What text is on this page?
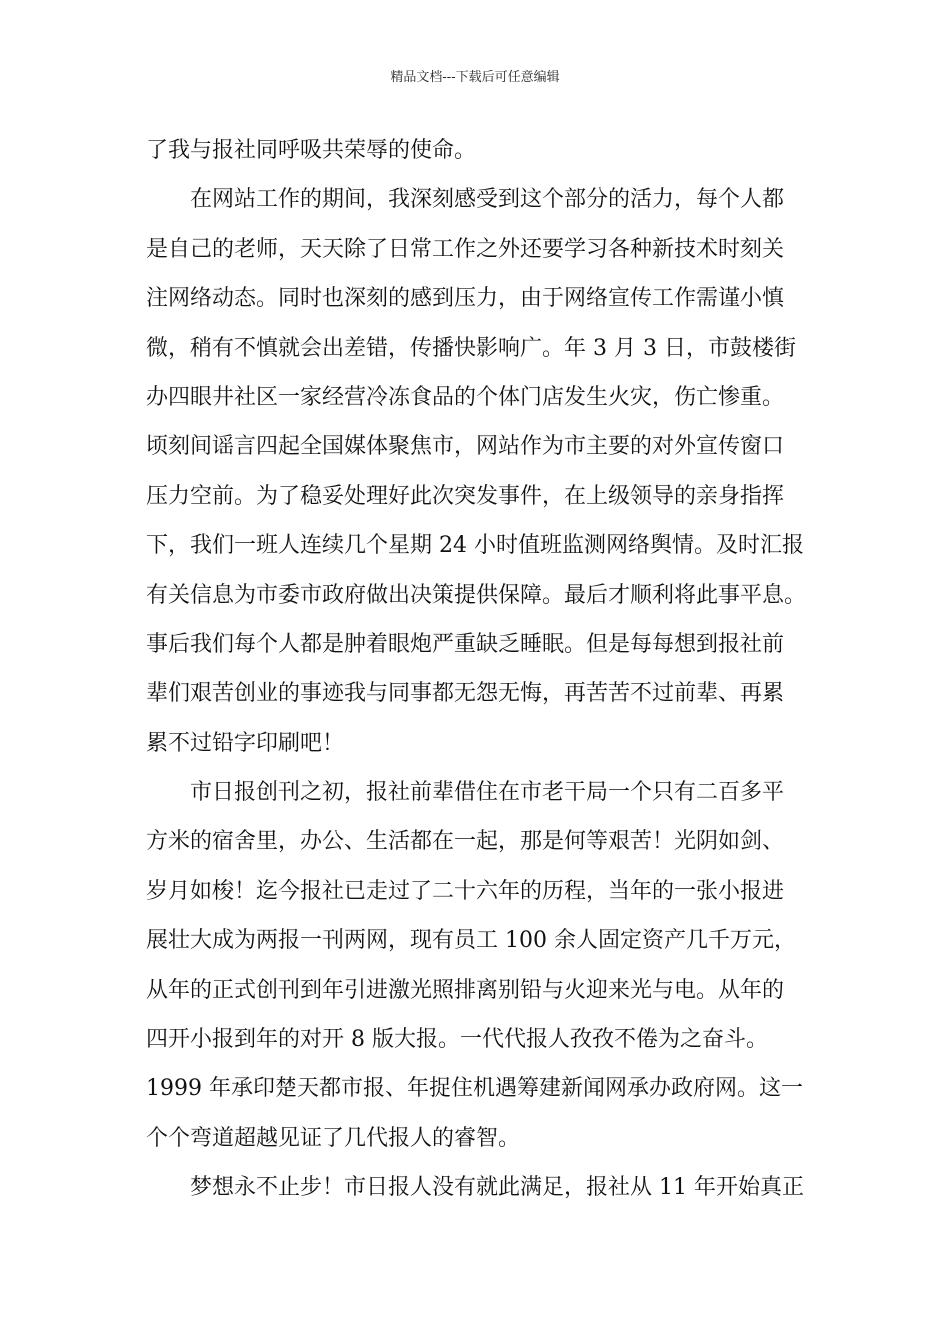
精品文档---下载后可任意编辑
了我与报社同呼吸共荣辱的使命。
在网站工作的期间，我深刻感受到这个部分的活力，每个人都
是自己的老师，天天除了日常工作之外还要学习各种新技术时刻关
注网络动态。同时也深刻的感到压力，由于网络宣传工作需谨小慎
微，稍有不慎就会出差错，传播快影响广。年 3 月 3 日，市鼓楼街
办四眼井社区一家经营冷冻食品的个体门店发生火灾，伤亡惨重。
顷刻间谣言四起全国媒体聚焦市，网站作为市主要的对外宣传窗口
压力空前。为了稳妥处理好此次突发事件，在上级领导的亲身指挥
下，我们一班人连续几个星期 24 小时值班监测网络舆情。及时汇报
有关信息为市委市政府做出决策提供保障。最后才顺利将此事平息。
事后我们每个人都是肿着眼炮严重缺乏睡眠。但是每每想到报社前
辈们艰苦创业的事迹我与同事都无怨无悔，再苦苦不过前辈、再累
累不过铅字印刷吧！
市日报创刊之初，报社前辈借住在市老干局一个只有二百多平
方米的宿舍里，办公、生活都在一起，那是何等艰苦！光阴如剑、
岁月如梭！迄今报社已走过了二十六年的历程，当年的一张小报进
展壮大成为两报一刊两网，现有员工 100 余人固定资产几千万元，
从年的正式创刊到年引进激光照排离别铅与火迎来光与电。从年的
四开小报到年的对开 8 版大报。一代代报人孜孜不倦为之奋斗。
1999 年承印楚天都市报、年捉住机遇筹建新闻网承办政府网。这一
个个弯道超越见证了几代报人的睿智。
梦想永不止步！市日报人没有就此满足，报社从 11 年开始真正
